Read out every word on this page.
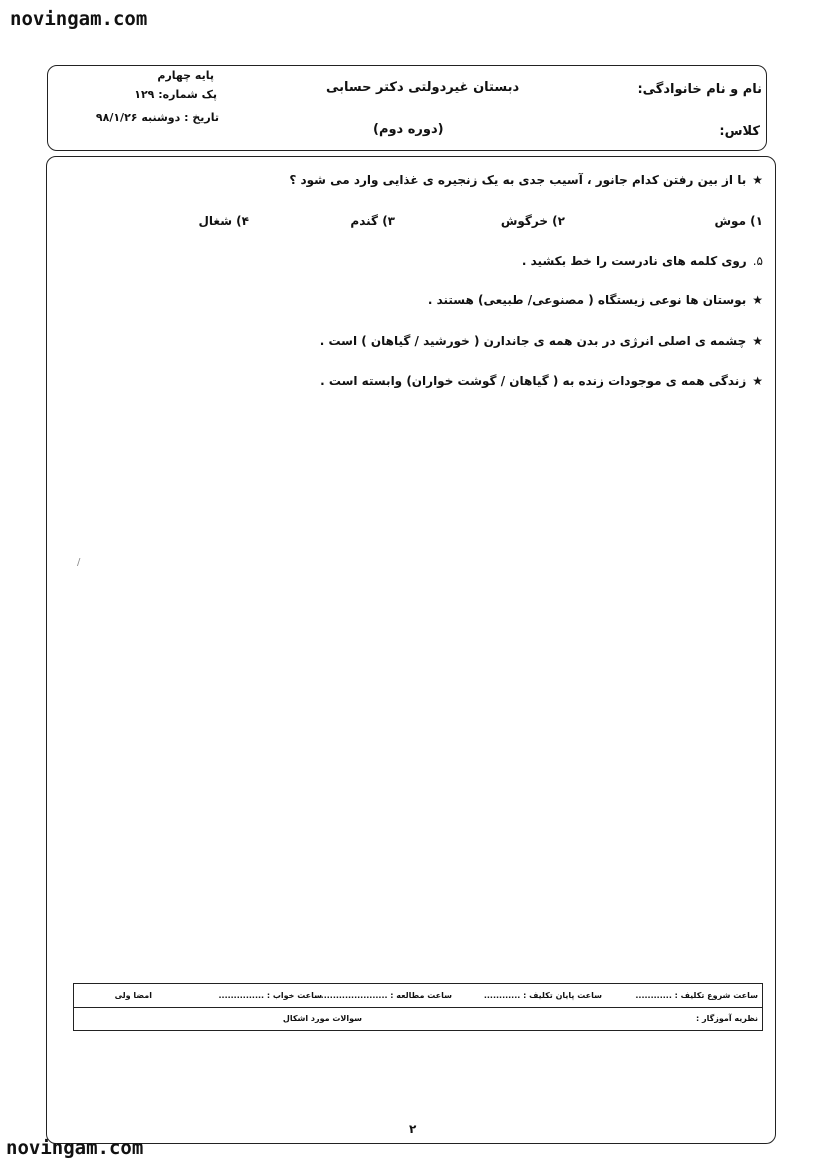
novingam.com
نام و نام خانوادگی:
کلاس:
دبستان غیردولتی دکتر حسابی
(دوره دوم)
پایه چهارم
پک شماره: ۱۲۹
تاریخ : دوشنبه ۹۸/۱/۲۶
★با از بین رفتن کدام جانور ، آسیب جدی به یک زنجیره ی غذایی وارد می شود ؟
۱) موش
۲) خرگوش
۳) گندم
۴) شغال
۵.روی کلمه های نادرست را خط بکشید .
★بوستان ها نوعی زیستگاه ( مصنوعی/ طبیعی) هستند .
★چشمه ی اصلی انرژی در بدن همه ی جاندارن ( خورشید / گیاهان ) است .
★زندگی همه ی موجودات زنده به ( گیاهان / گوشت خواران) وابسته است .
/
ساعت شروع تکلیف : ............
ساعت پایان تکلیف : ............
ساعت مطالعه : ........................
ساعت خواب : ...............
امضا ولی
نظریه آموزگار :
سوالات مورد اشکال
۲
novingam.com
